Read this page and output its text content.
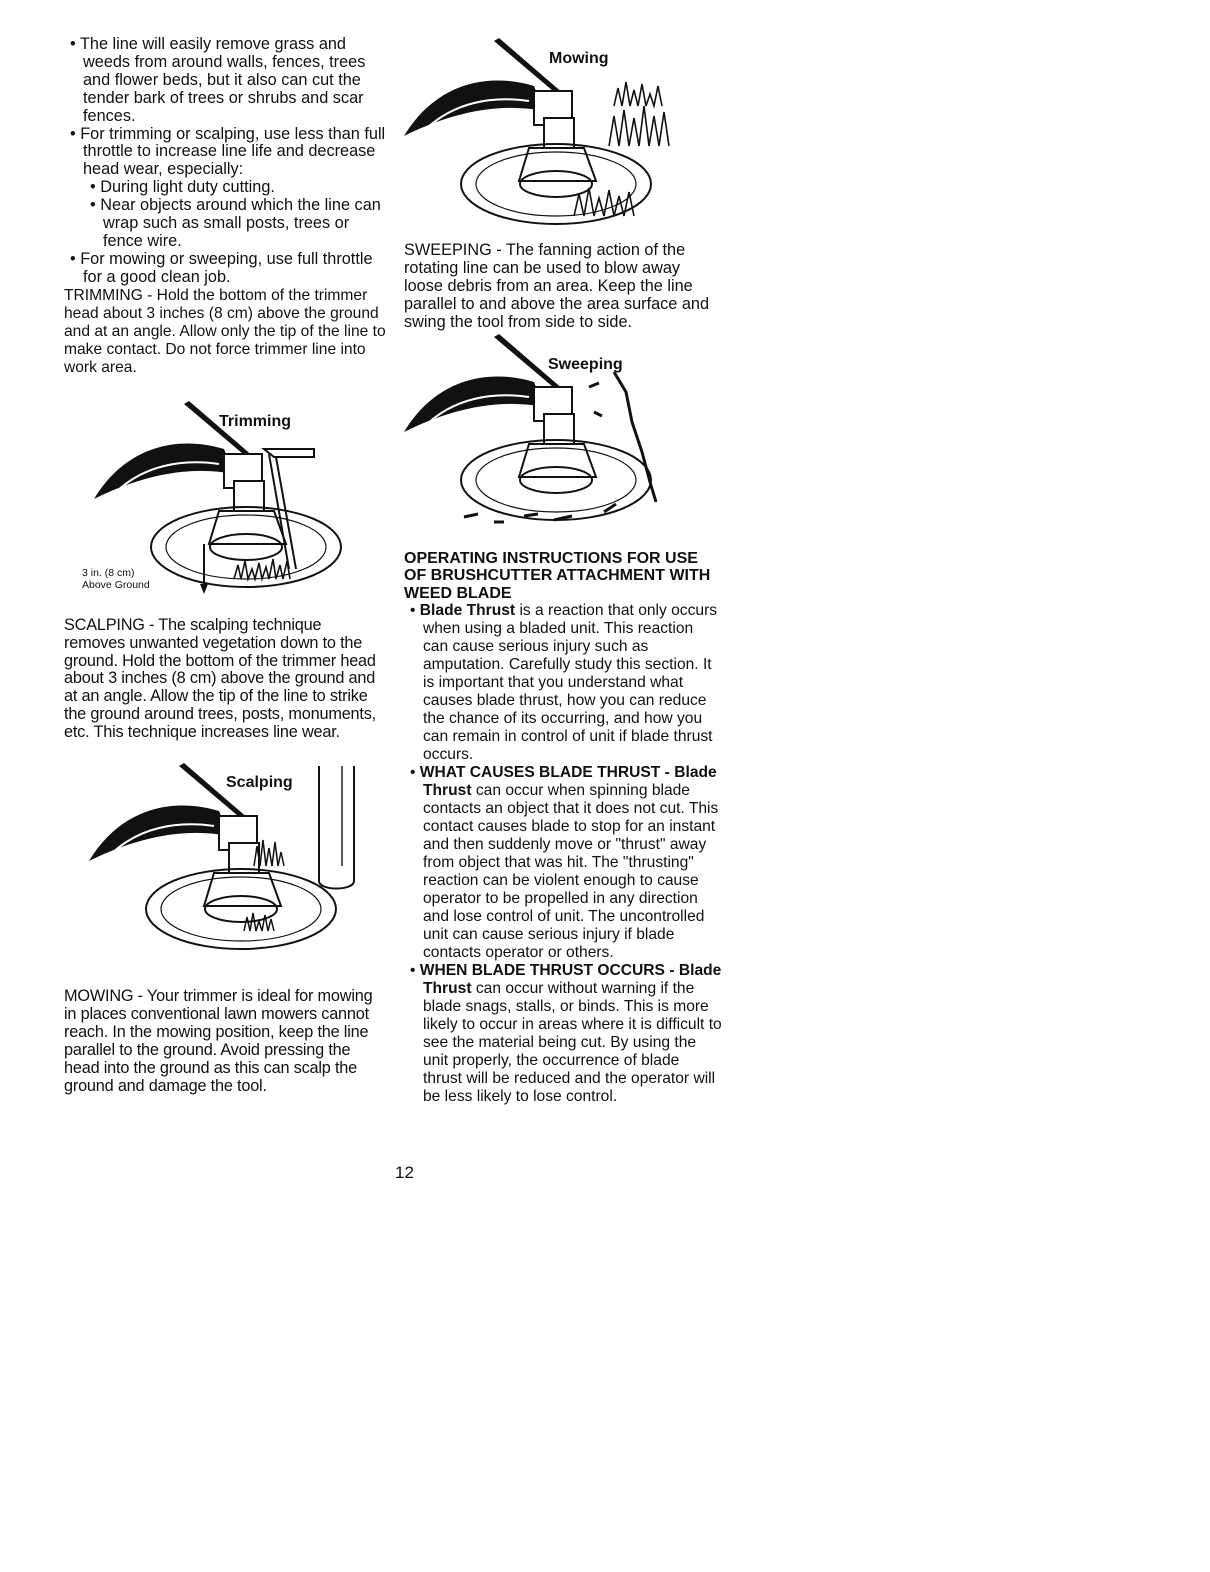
• The line will easily remove grass and weeds from around walls, fences, trees and flower beds, but it also can cut the tender bark of trees or shrubs and scar fences.

• For trimming or scalping, use less than full throttle to increase line life and decrease head wear, especially:

• During light duty cutting.

• Near objects around which the line can wrap such as small posts, trees or fence wire.

• For mowing or sweeping, use full throttle for a good clean job.

TRIMMING - Hold the bottom of the trimmer head about 3 inches (8 cm) above the ground and at an angle. Allow only the tip of the line to make contact. Do not force trimmer line into work area.

Trimming
3 in. (8 cm)
Above Ground

SCALPING - The scalping technique removes unwanted vegetation down to the ground. Hold the bottom of the trimmer head about 3 inches (8 cm) above the ground and at an angle. Allow the tip of the line to strike the ground around trees, posts, monuments, etc. This technique increases line wear.

Scalping

MOWING - Your trimmer is ideal for mowing in places conventional lawn mowers cannot reach. In the mowing position, keep the line parallel to the ground. Avoid pressing the head into the ground as this can scalp the ground and damage the tool.

Mowing

SWEEPING - The fanning action of the rotating line can be used to blow away loose debris from an area. Keep the line parallel to and above the area surface and swing the tool from side to side.

Sweeping

OPERATING INSTRUCTIONS FOR USE OF BRUSHCUTTER ATTACHMENT WITH WEED BLADE

• Blade Thrust is a reaction that only occurs when using a bladed unit. This reaction can cause serious injury such as amputation. Carefully study this section. It is important that you understand what causes blade thrust, how you can reduce the chance of its occurring, and how you can remain in control of unit if blade thrust occurs.

• WHAT CAUSES BLADE THRUST - Blade Thrust can occur when spinning blade contacts an object that it does not cut. This contact causes blade to stop for an instant and then suddenly move or "thrust" away from object that was hit. The "thrusting" reaction can be violent enough to cause operator to be propelled in any direction and lose control of unit. The uncontrolled unit can cause serious injury if blade contacts operator or others.

• WHEN BLADE THRUST OCCURS - Blade Thrust can occur without warning if the blade snags, stalls, or binds. This is more likely to occur in areas where it is difficult to see the material being cut. By using the unit properly, the occurrence of blade thrust will be reduced and the operator will be less likely to lose control.

12
